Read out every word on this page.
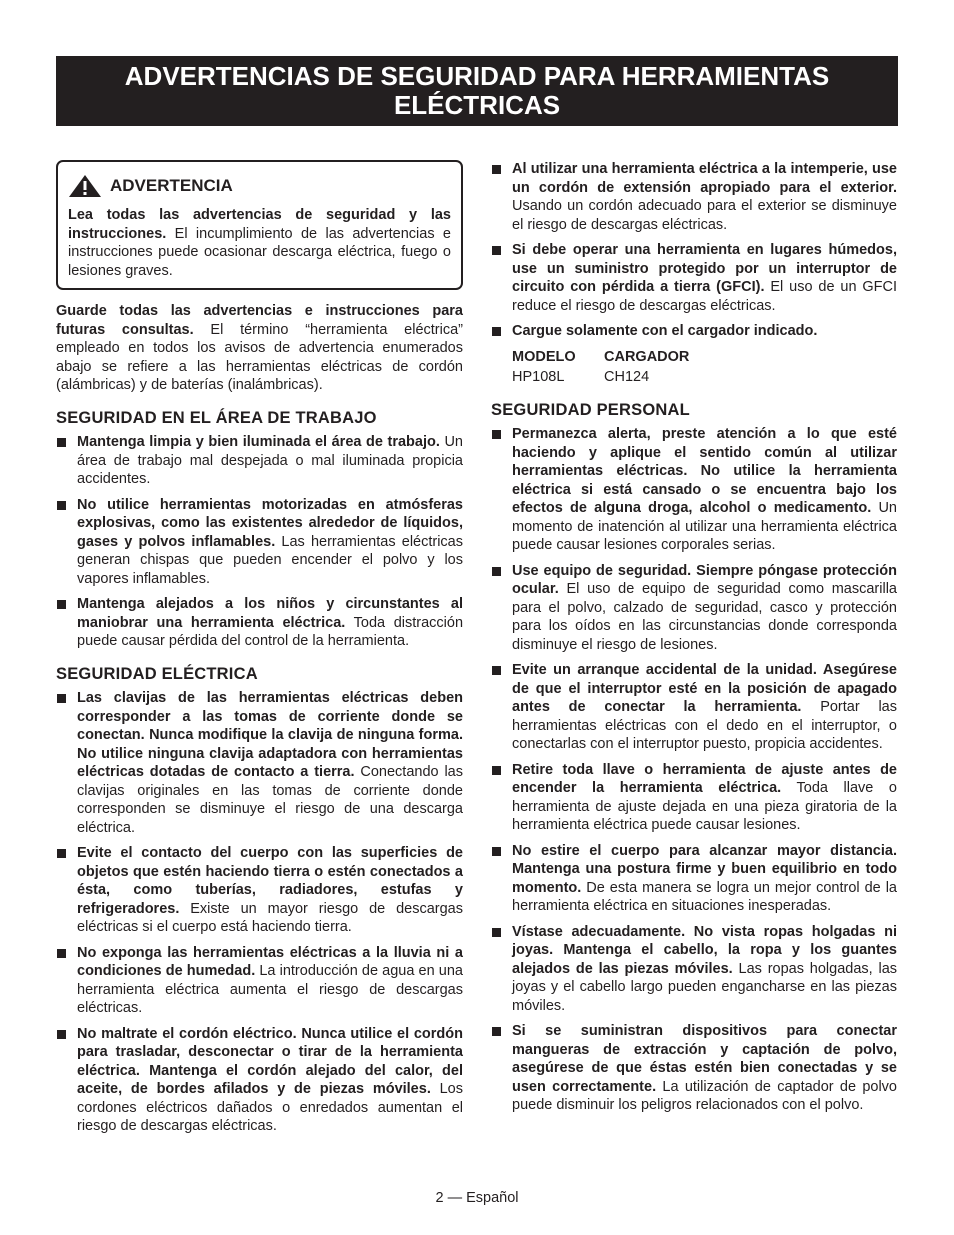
ADVERTENCIAS DE SEGURIDAD PARA HERRAMIENTAS
ELÉCTRICAS
ADVERTENCIA
Lea todas las advertencias de seguridad y las instrucciones. El incumplimiento de las advertencias e instrucciones puede ocasionar descarga eléctrica, fuego o lesiones graves.

Guarde todas las advertencias e instrucciones para futuras consultas. El término “herramienta eléctrica” empleado en todos los avisos de advertencia enumerados abajo se refiere a las herramientas eléctricas de cordón (alámbricas) y de baterías (inalámbricas).

SEGURIDAD EN EL ÁREA DE TRABAJO
Mantenga limpia y bien iluminada el área de trabajo. Un área de trabajo mal despejada o mal iluminada propicia accidentes.
No utilice herramientas motorizadas en atmósferas explosivas, como las existentes alrededor de líquidos, gases y polvos inflamables. Las herramientas eléctricas generan chispas que pueden encender el polvo y los vapores inflamables.
Mantenga alejados a los niños y circunstantes al maniobrar una herramienta eléctrica. Toda distracción puede causar pérdida del control de la herramienta.
SEGURIDAD ELÉCTRICA
Las clavijas de las herramientas eléctricas deben corresponder a las tomas de corriente donde se conectan. Nunca modifique la clavija de ninguna forma. No utilice ninguna clavija adaptadora con herramientas eléctricas dotadas de contacto a tierra. Conectando las clavijas originales en las tomas de corriente donde corresponden se disminuye el riesgo de una descarga eléctrica.
Evite el contacto del cuerpo con las superficies de objetos que estén haciendo tierra o estén conectados a ésta, como tuberías, radiadores, estufas y refrigeradores. Existe un mayor riesgo de descargas eléctricas si el cuerpo está haciendo tierra.
No exponga las herramientas eléctricas a la lluvia ni a condiciones de humedad. La introducción de agua en una herramienta eléctrica aumenta el riesgo de descargas eléctricas.
No maltrate el cordón eléctrico. Nunca utilice el cordón para trasladar, desconectar o tirar de la herramienta eléctrica. Mantenga el cordón alejado del calor, del aceite, de bordes afilados y de piezas móviles. Los cordones eléctricos dañados o enredados aumentan el riesgo de descargas eléctricas.
Al utilizar una herramienta eléctrica a la intemperie, use un cordón de extensión apropiado para el exterior. Usando un cordón adecuado para el exterior se disminuye el riesgo de descargas eléctricas.
Si debe operar una herramienta en lugares húmedos, use un suministro protegido por un interruptor de circuito con pérdida a tierra (GFCI). El uso de un GFCI reduce el riesgo de descargas eléctricas.
Cargue solamente con el cargador indicado.
MODELO	CARGADOR
HP108L	CH124
SEGURIDAD PERSONAL
Permanezca alerta, preste atención a lo que esté haciendo y aplique el sentido común al utilizar herramientas eléctricas. No utilice la herramienta eléctrica si está cansado o se encuentra bajo los efectos de alguna droga, alcohol o medicamento. Un momento de inatención al utilizar una herramienta eléctrica puede causar lesiones corporales serias.
Use equipo de seguridad. Siempre póngase protección ocular. El uso de equipo de seguridad como mascarilla para el polvo, calzado de seguridad, casco y protección para los oídos en las circunstancias donde corresponda disminuye el riesgo de lesiones.
Evite un arranque accidental de la unidad. Asegúrese de que el interruptor esté en la posición de apagado antes de conectar la herramienta. Portar las herramientas eléctricas con el dedo en el interruptor, o conectarlas con el interruptor puesto, propicia accidentes.
Retire toda llave o herramienta de ajuste antes de encender la herramienta eléctrica. Toda llave o herramienta de ajuste dejada en una pieza giratoria de la herramienta eléctrica puede causar lesiones.
No estire el cuerpo para alcanzar mayor distancia. Mantenga una postura firme y buen equilibrio en todo momento. De esta manera se logra un mejor control de la herramienta eléctrica en situaciones inesperadas.
Vístase adecuadamente. No vista ropas holgadas ni joyas. Mantenga el cabello, la ropa y los guantes alejados de las piezas móviles. Las ropas holgadas, las joyas y el cabello largo pueden engancharse en las piezas móviles.
Si se suministran dispositivos para conectar mangueras de extracción y captación de polvo, asegúrese de que éstas estén bien conectadas y se usen correctamente. La utilización de captador de polvo puede disminuir los peligros relacionados con el polvo.
2 — Español
